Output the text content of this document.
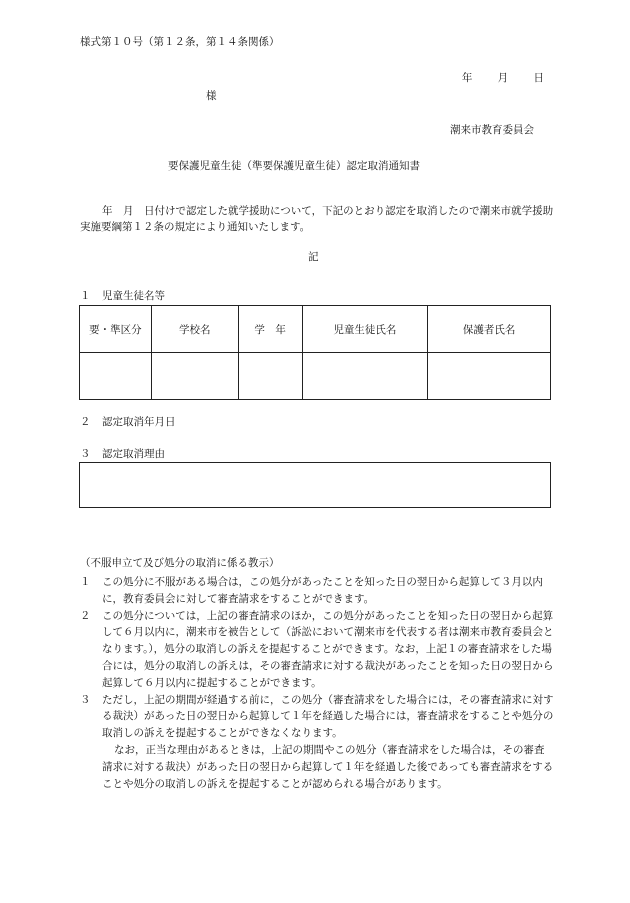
様式第１０号（第１２条，第１４条関係）
年 月 日
様
潮来市教育委員会
要保護児童生徒（準要保護児童生徒）認定取消通知書
年　月　日付けで認定した就学援助について，下記のとおり認定を取消したので潮来市就学援助実施要綱第１２条の規定により通知いたします。
記
１ 児童生徒名等
要・準区分	学校名	学　年	児童生徒氏名	保護者氏名

２ 認定取消年月日
３ 認定取消理由
（不服申立て及び処分の取消に係る教示）
１	この処分に不服がある場合は，この処分があったことを知った日の翌日から起算して３月以内に，教育委員会に対して審査請求をすることができます。
２	この処分については，上記の審査請求のほか，この処分があったことを知った日の翌日から起算して６月以内に，潮来市を被告として（訴訟において潮来市を代表する者は潮来市教育委員会となります。），処分の取消しの訴えを提起することができます。なお，上記１の審査請求をした場合には，処分の取消しの訴えは，その審査請求に対する裁決があったことを知った日の翌日から起算して６月以内に提起することができます。
３	ただし，上記の期間が経過する前に，この処分（審査請求をした場合には，その審査請求に対する裁決）があった日の翌日から起算して１年を経過した場合には，審査請求をすることや処分の取消しの訴えを提起することができなくなります。
なお，正当な理由があるときは，上記の期間やこの処分（審査請求をした場合は，その審査請求に対する裁決）があった日の翌日から起算して１年を経過した後であっても審査請求をすることや処分の取消しの訴えを提起することが認められる場合があります。
